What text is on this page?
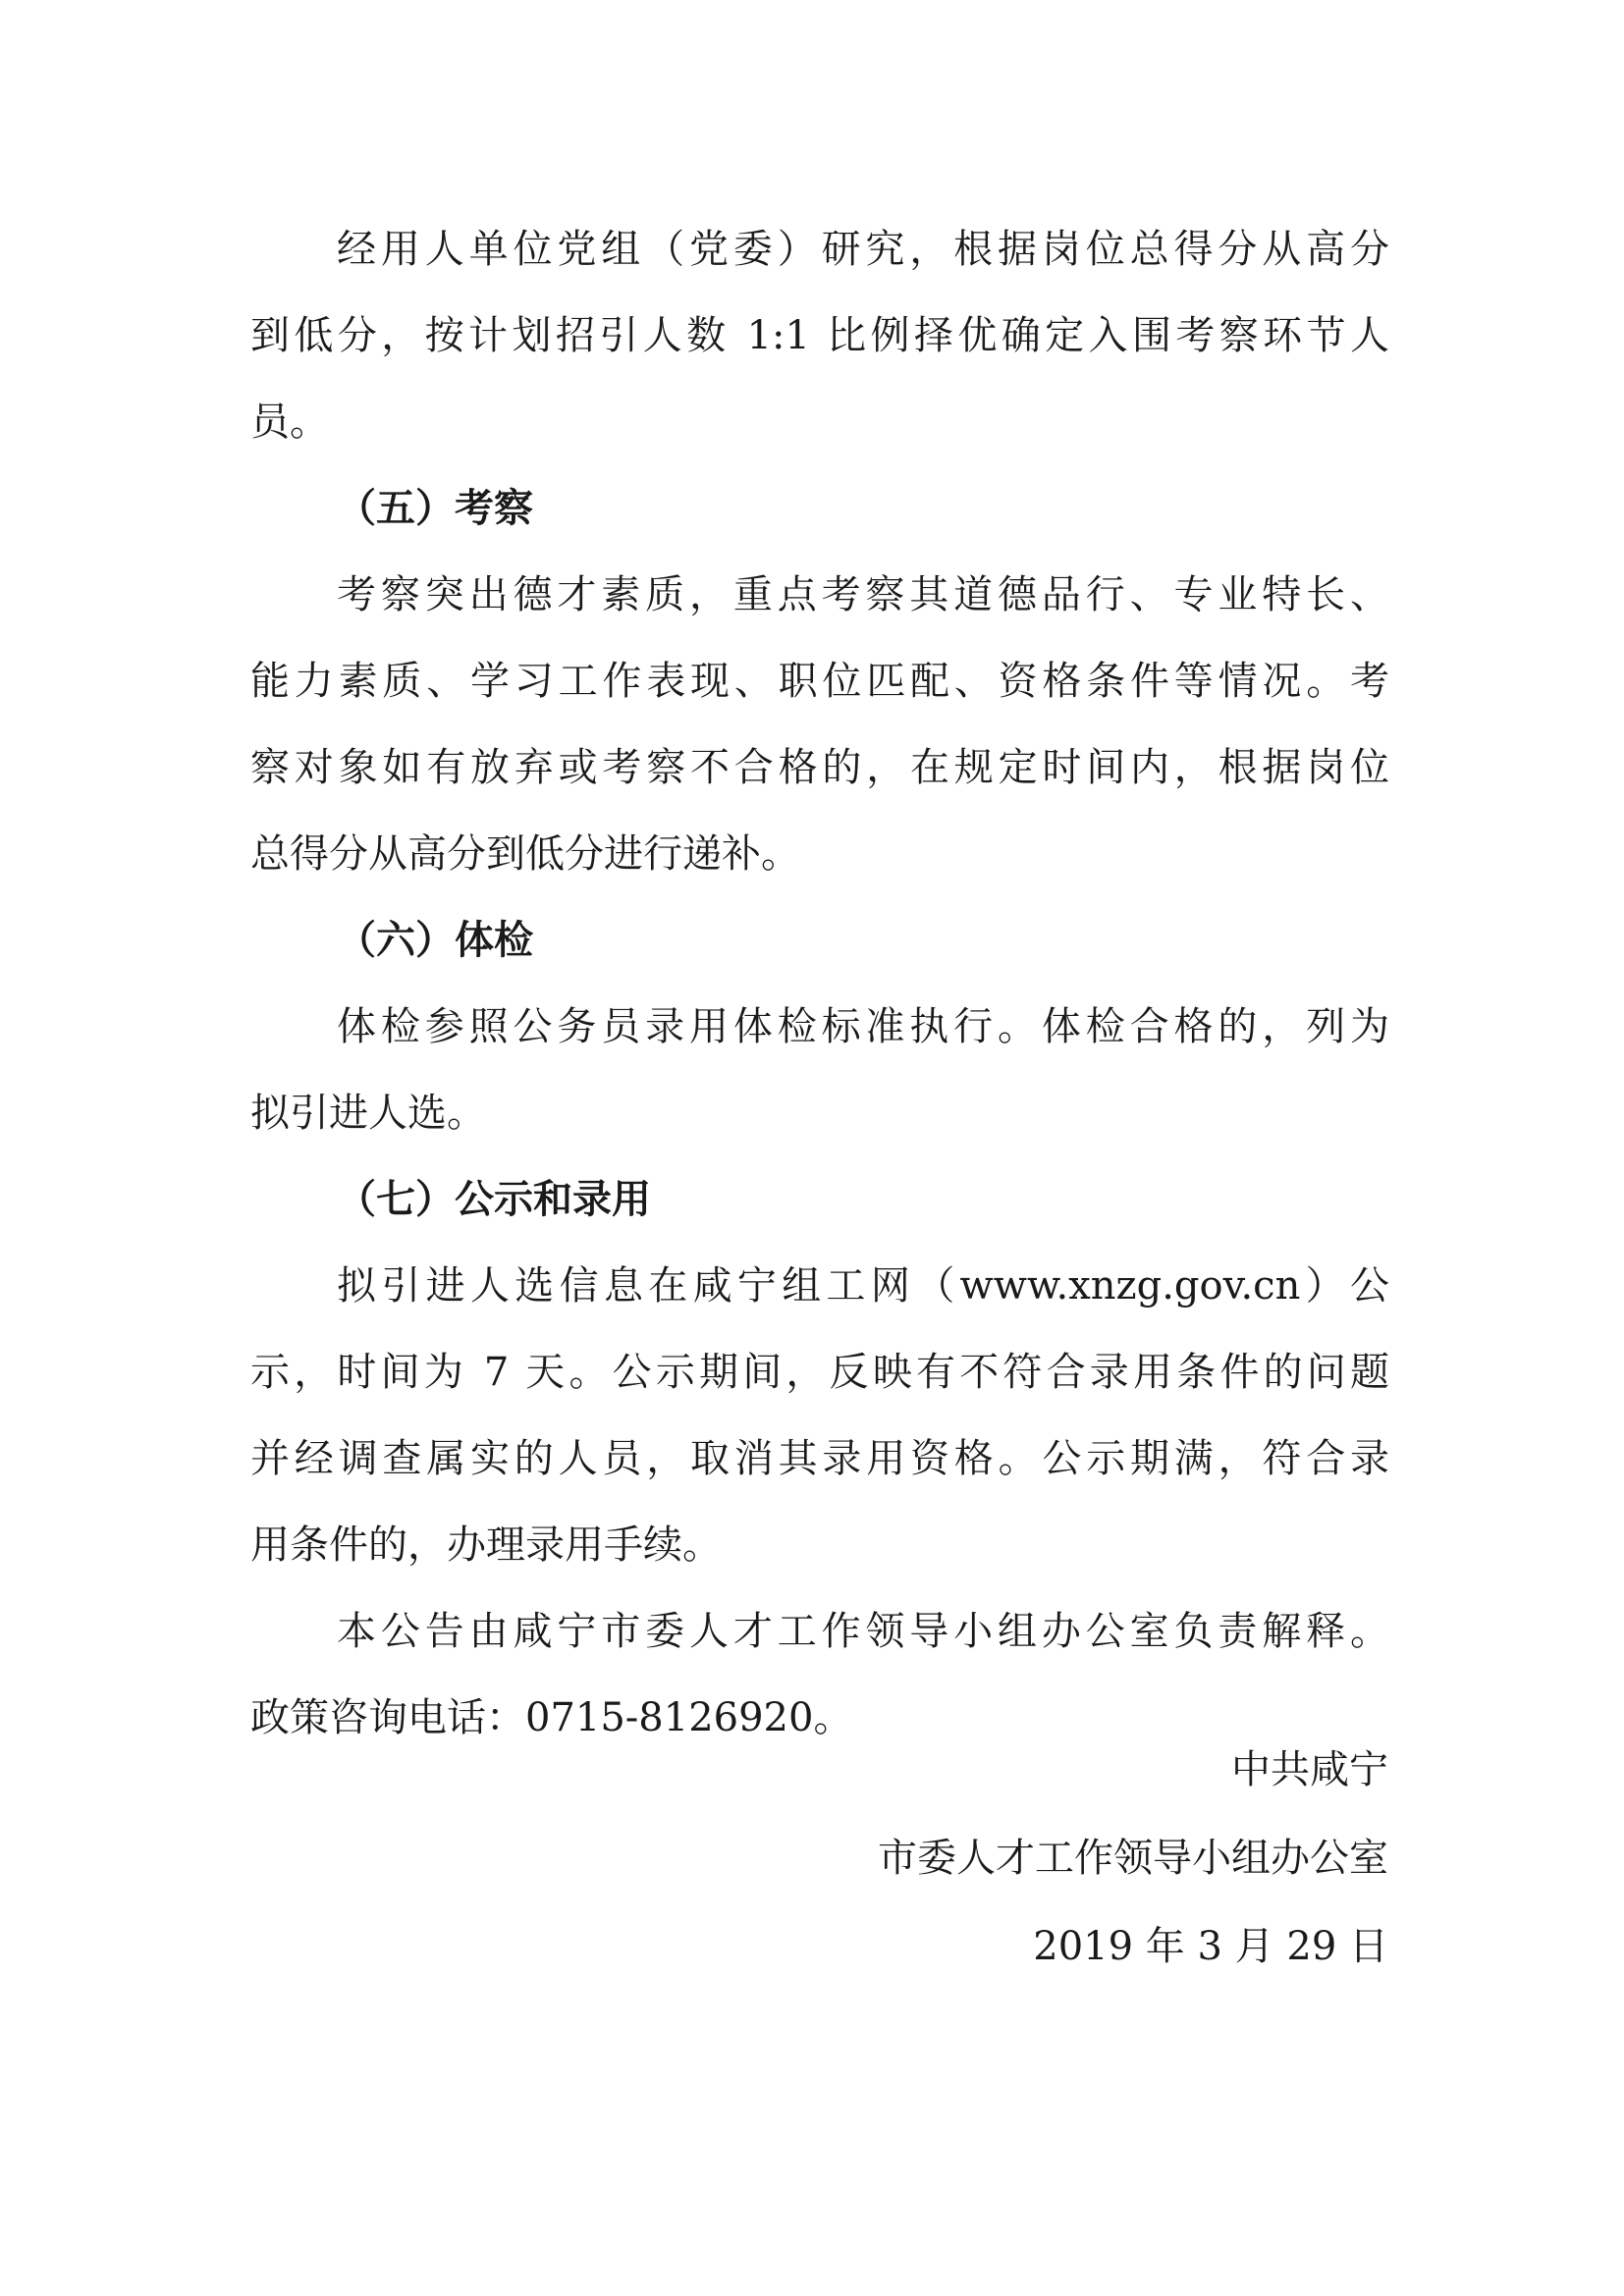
经用人单位党组（党委）研究，根据岗位总得分从高分
到低分，按计划招引人数 1:1 比例择优确定入围考察环节人
员。
（五）考察
考察突出德才素质，重点考察其道德品行、专业特长、
能力素质、学习工作表现、职位匹配、资格条件等情况。考
察对象如有放弃或考察不合格的，在规定时间内，根据岗位
总得分从高分到低分进行递补。
（六）体检
体检参照公务员录用体检标准执行。体检合格的，列为
拟引进人选。
（七）公示和录用
拟引进人选信息在咸宁组工网（www.xnzg.gov.cn）公
示，时间为 7 天。公示期间，反映有不符合录用条件的问题
并经调查属实的人员，取消其录用资格。公示期满，符合录
用条件的，办理录用手续。
本公告由咸宁市委人才工作领导小组办公室负责解释。
政策咨询电话：0715-8126920。
中共咸宁
市委人才工作领导小组办公室
2019 年 3 月 29 日
